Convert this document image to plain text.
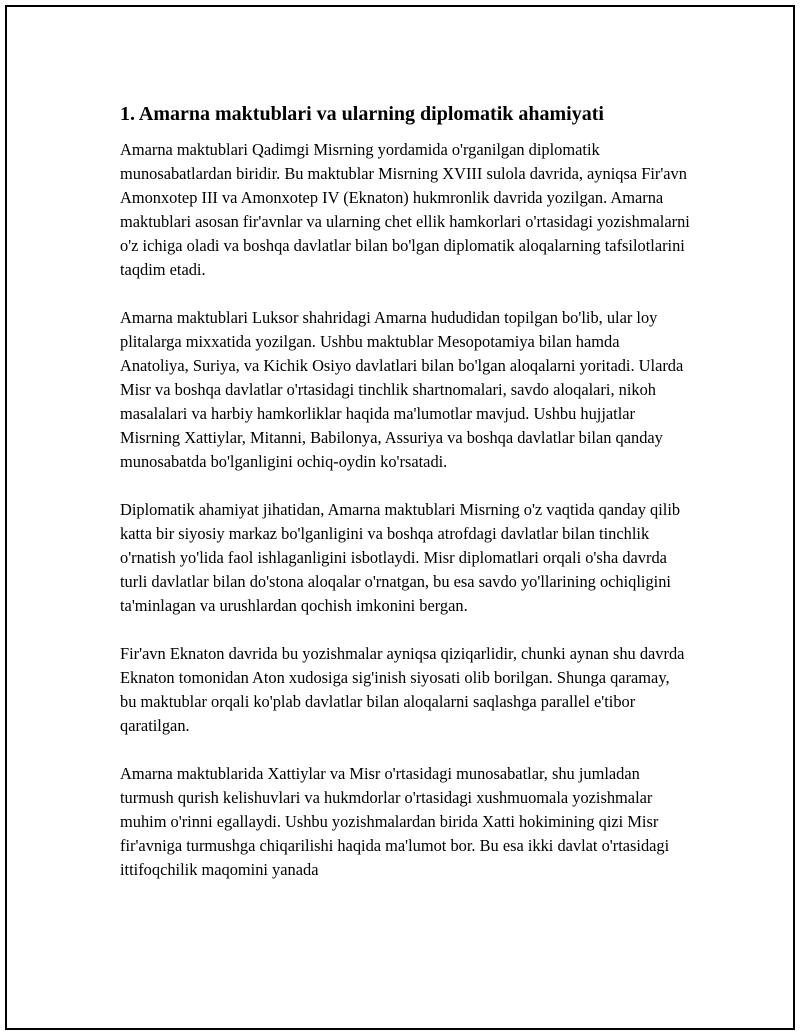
1. Amarna maktublari va ularning diplomatik ahamiyati

Amarna maktublari Qadimgi Misrning yordamida o'rganilgan diplomatik munosabatlardan biridir. Bu maktublar Misrning XVIII sulola davrida, ayniqsa Fir'avn Amonxotep III va Amonxotep IV (Eknaton) hukmronlik davrida yozilgan. Amarna maktublari asosan fir'avnlar va ularning chet ellik hamkorlari o'rtasidagi yozishmalarni o'z ichiga oladi va boshqa davlatlar bilan bo'lgan diplomatik aloqalarning tafsilotlarini taqdim etadi.

Amarna maktublari Luksor shahridagi Amarna hududidan topilgan bo'lib, ular loy plitalarga mixxatida yozilgan. Ushbu maktublar Mesopotamiya bilan hamda Anatoliya, Suriya, va Kichik Osiyo davlatlari bilan bo'lgan aloqalarni yoritadi. Ularda Misr va boshqa davlatlar o'rtasidagi tinchlik shartnomalari, savdo aloqalari, nikoh masalalari va harbiy hamkorliklar haqida ma'lumotlar mavjud. Ushbu hujjatlar Misrning Xattiylar, Mitanni, Babilonya, Assuriya va boshqa davlatlar bilan qanday munosabatda bo'lganligini ochiq-oydin ko'rsatadi.

Diplomatik ahamiyat jihatidan, Amarna maktublari Misrning o'z vaqtida qanday qilib katta bir siyosiy markaz bo'lganligini va boshqa atrofdagi davlatlar bilan tinchlik o'rnatish yo'lida faol ishlaganligini isbotlaydi. Misr diplomatlari orqali o'sha davrda turli davlatlar bilan do'stona aloqalar o'rnatgan, bu esa savdo yo'llarining ochiqligini ta'minlagan va urushlardan qochish imkonini bergan.

Fir'avn Eknaton davrida bu yozishmalar ayniqsa qiziqarlidir, chunki aynan shu davrda Eknaton tomonidan Aton xudosiga sig'inish siyosati olib borilgan. Shunga qaramay, bu maktublar orqali ko'plab davlatlar bilan aloqalarni saqlashga parallel e'tibor qaratilgan.

Amarna maktublarida Xattiylar va Misr o'rtasidagi munosabatlar, shu jumladan turmush qurish kelishuvlari va hukmdorlar o'rtasidagi xushmuomala yozishmalar muhim o'rinni egallaydi. Ushbu yozishmalardan birida Xatti hokimining qizi Misr fir'avniga turmushga chiqarilishi haqida ma'lumot bor. Bu esa ikki davlat o'rtasidagi ittifoqchilik maqomini yanada
